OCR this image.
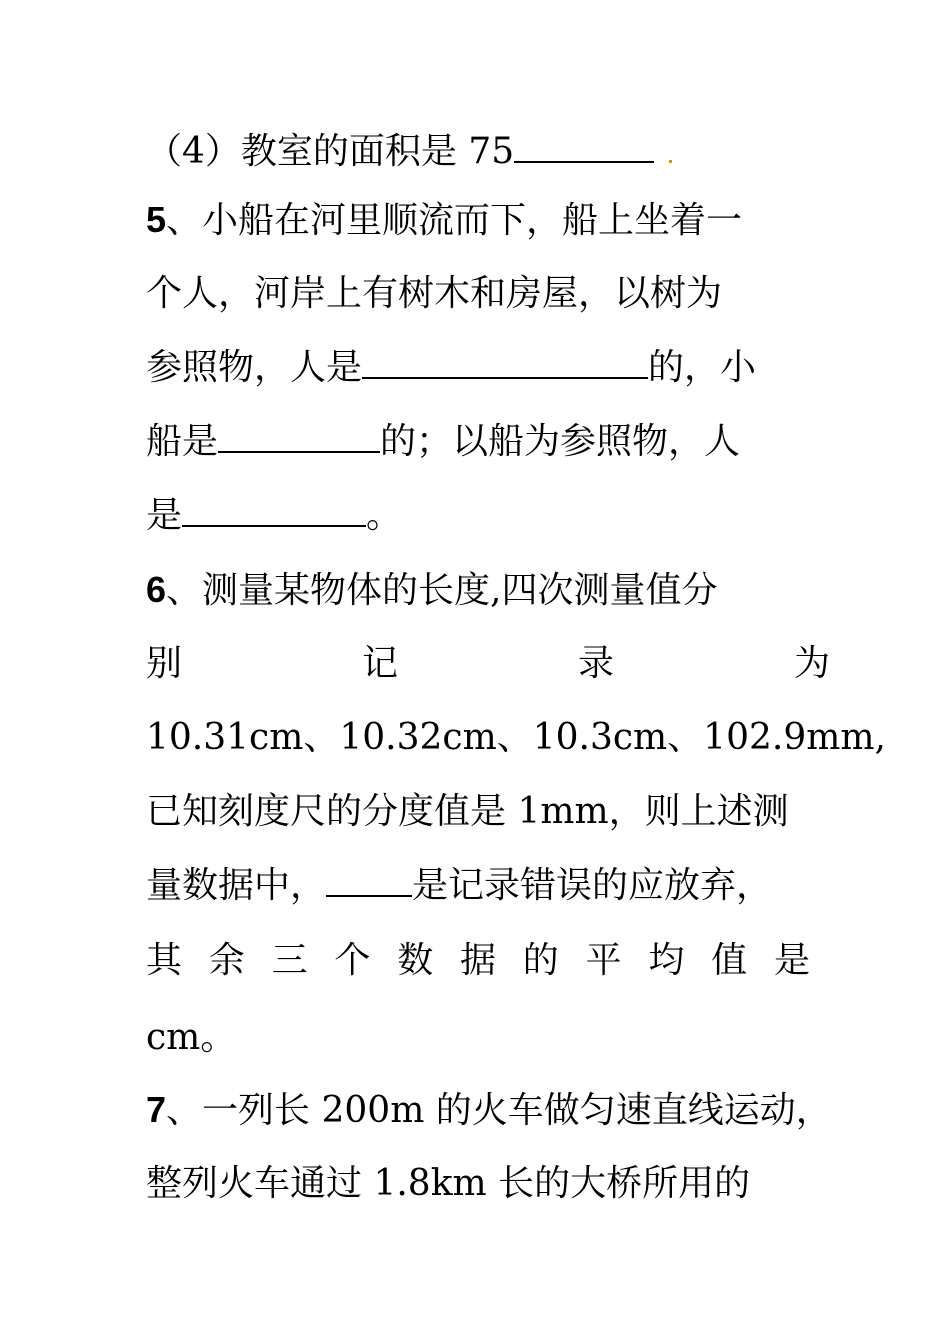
（4）教室的面积是 75
5、小船在河里顺流而下，船上坐着一
个人，河岸上有树木和房屋，以树为
参照物，人是	的，小
船是	的；以船为参照物，人
是	。
6、测量某物体的长度,四次测量值分
别	记	录	为
10.31cm、10.32cm、10.3cm、102.9mm,
已知刻度尺的分度值是 1mm，则上述测
量数据中， 是记录错误的应放弃，
其 余 三 个 数 据 的 平 均 值 是
cm。
7、一列长 200m 的火车做匀速直线运动，
整列火车通过 1.8km 长的大桥所用的
